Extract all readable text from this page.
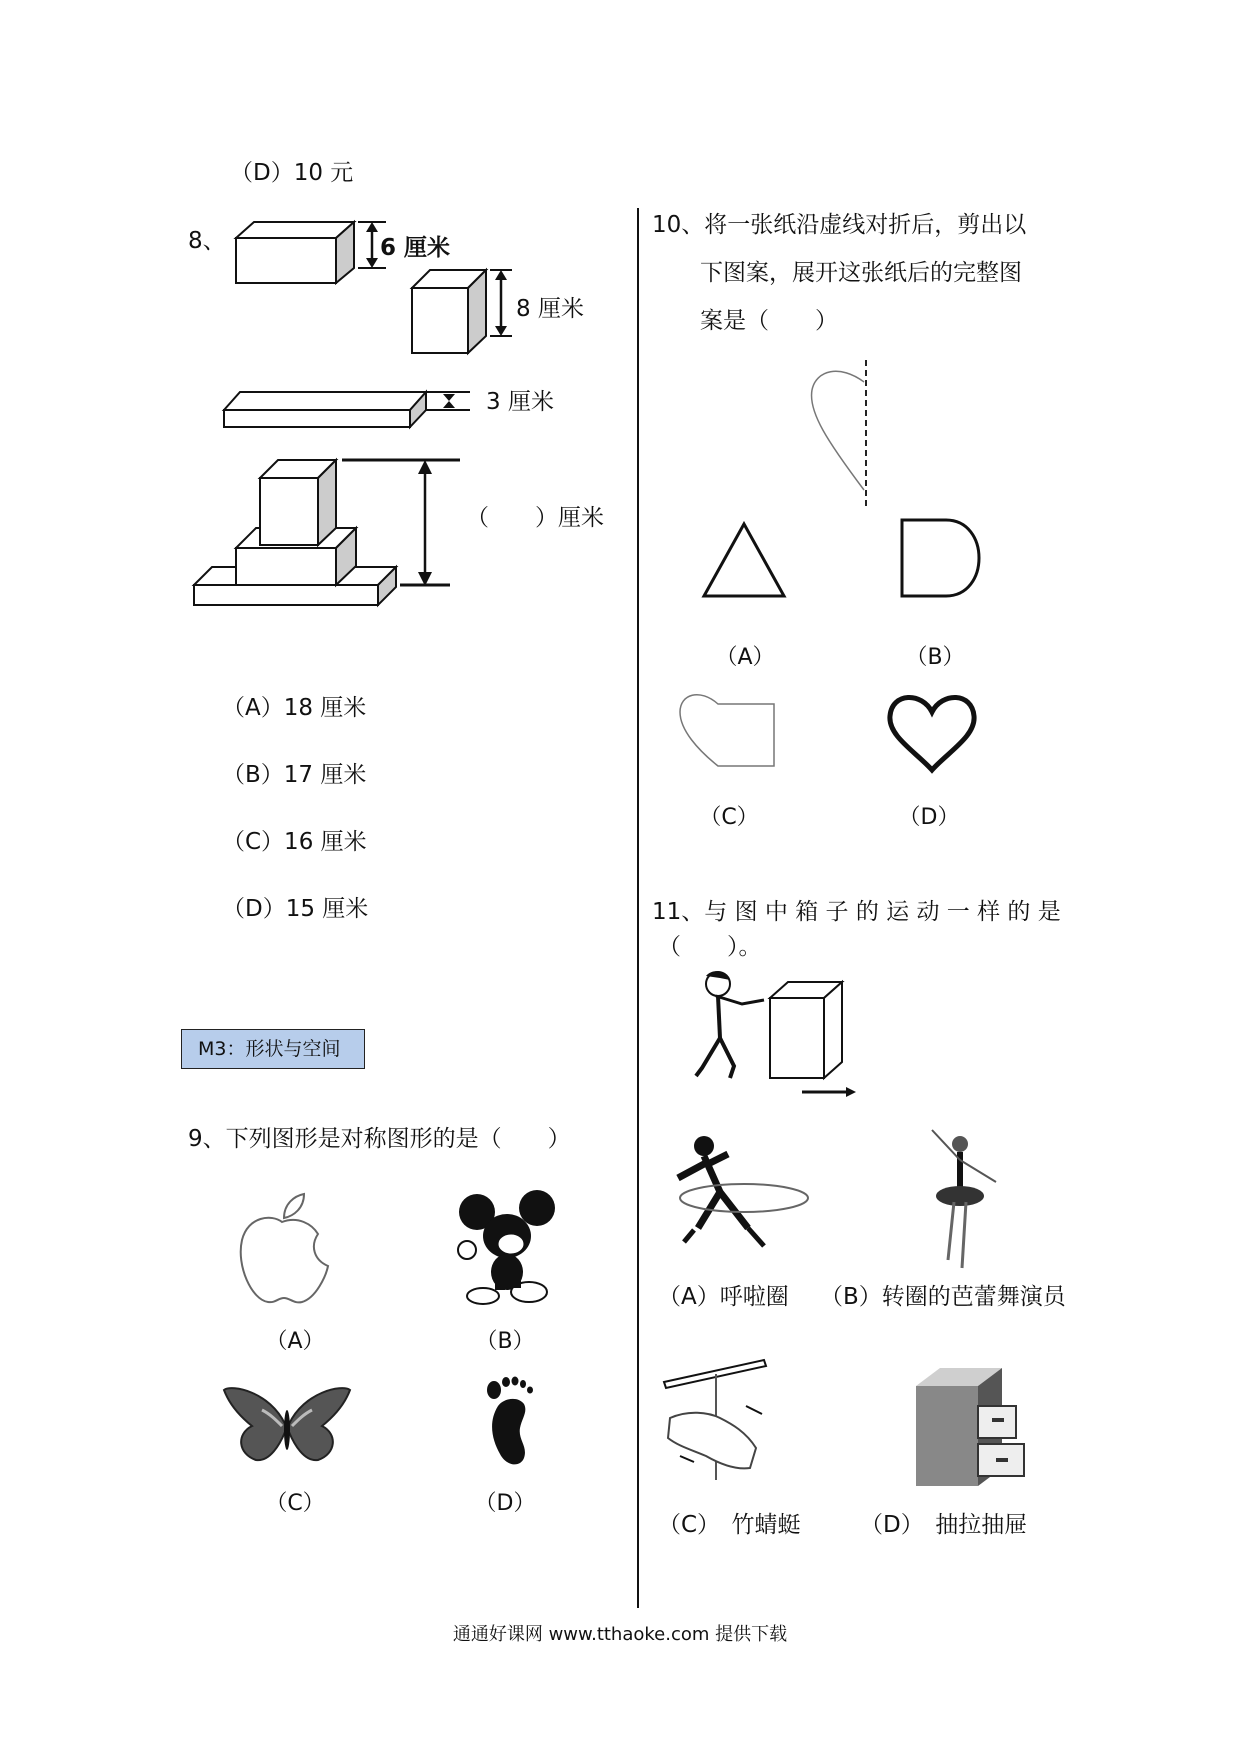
（D）10 元
8、	6 厘米
8 厘米
3 厘米
（　　）厘米
（A）18 厘米
（B）17 厘米
（C）16 厘米
（D）15 厘米
M3：形状与空间
9、下列图形是对称图形的是（　　）
（A）	（B）
（C）	（D）
10、将一张纸沿虚线对折后，剪出以
下图案，展开这张纸后的完整图
案是（　　）
（A）	（B）
（C）	（D）
11、与 图 中 箱 子 的 运 动 一 样 的 是
（　　）。
（A）呼啦圈 （B）转圈的芭蕾舞演员
（C）　竹蜻蜓	（D）　抽拉抽屉
通通好课网 www.tthaoke.com 提供下载
